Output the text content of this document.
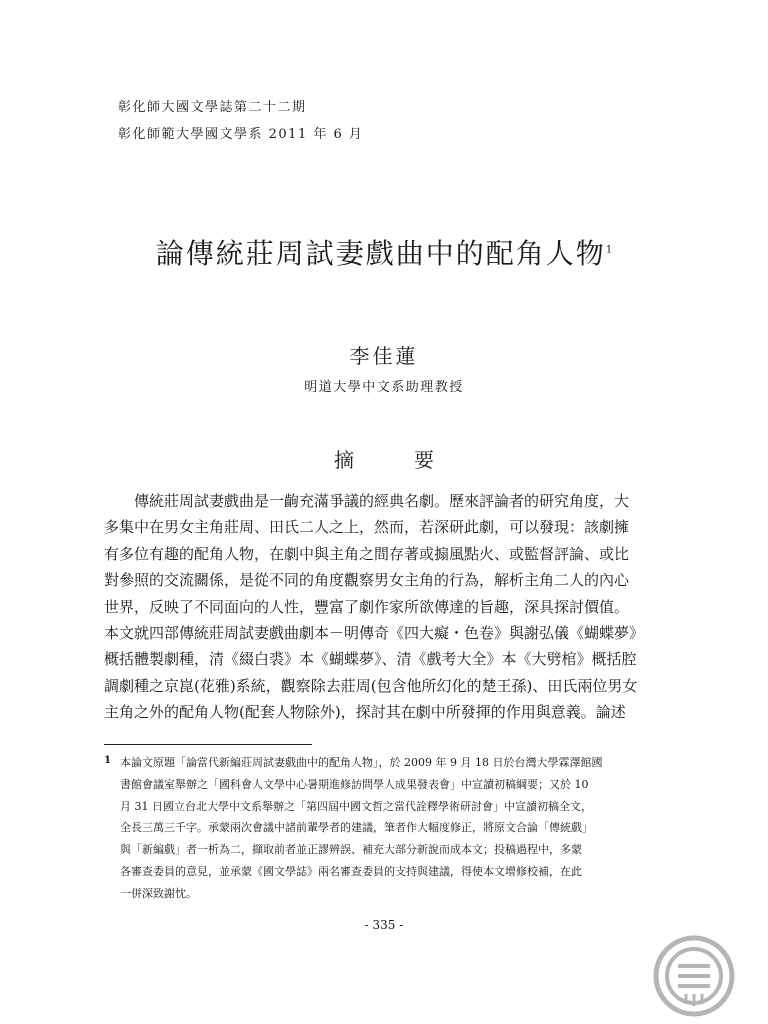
彰化師大國文學誌第二十二期
彰化師範大學國文學系 2011 年 6 月
論傳統莊周試妻戲曲中的配角人物$^1$
李佳蓮
明道大學中文系助理教授
摘　要
　　傳統莊周試妻戲曲是一齣充滿爭議的經典名劇。歷來評論者的研究角度，大
多集中在男女主角莊周、田氏二人之上，然而，若深研此劇，可以發現：該劇擁
有多位有趣的配角人物，在劇中與主角之間存著或搧風點火、或監督評論、或比
對參照的交流關係，是從不同的角度觀察男女主角的行為，解析主角二人的內心
世界，反映了不同面向的人性，豐富了劇作家所欲傳達的旨趣，深具探討價值。
本文就四部傳統莊周試妻戲曲劇本－明傳奇《四大癡・色卷》與謝弘儀《蝴蝶夢》
概括體製劇種，清《綴白裘》本《蝴蝶夢》、清《戲考大全》本《大劈棺》概括腔
調劇種之京崑(花雅)系統，觀察除去莊周(包含他所幻化的楚王孫)、田氏兩位男女
主角之外的配角人物(配套人物除外)，探討其在劇中所發揮的作用與意義。論述
1 本論文原題「論當代新編莊周試妻戲曲中的配角人物」，於 2009 年 9 月 18 日於台灣大學霖澤館國
書館會議室舉辦之「國科會人文學中心暑期進修訪問學人成果發表會」中宣讀初稿綱要；又於 10
月 31 日國立台北大學中文系舉辦之「第四屆中國文哲之當代詮釋學術研討會」中宣讀初稿全文，
全長三萬三千字。承蒙兩次會議中諸前輩學者的建議，筆者作大幅度修正，將原文合論「傳統戲」
與「新編戲」者一析為二，擷取前者並正謬辨誤、補充大部分新說而成本文；投稿過程中，多蒙
各審查委員的意見，並承蒙《國文學誌》兩名審查委員的支持與建議，得使本文增修校補，在此
一併深致謝忱。
- 335 -
